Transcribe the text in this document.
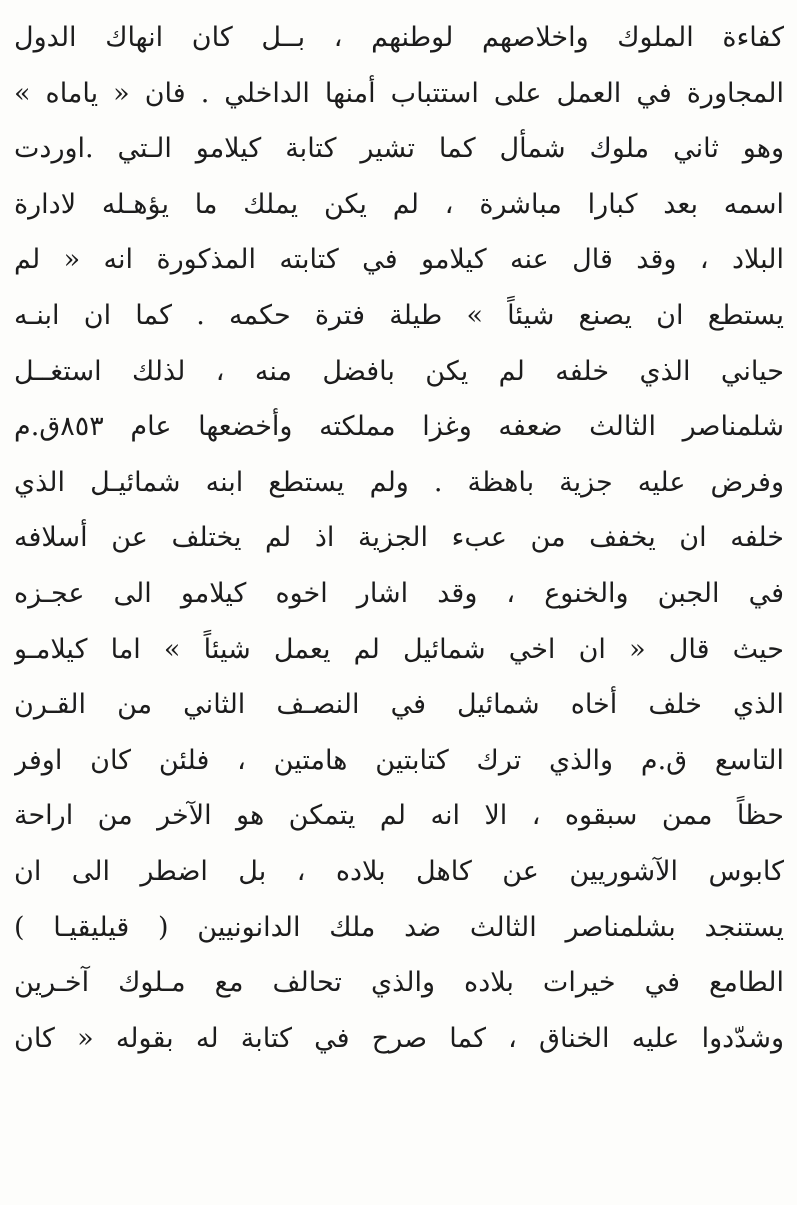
كفاءة الملوك واخلاصهم لوطنهم ، بــل كان انهاك الدول
المجاورة في العمل على استتباب أمنها الداخلي . فان « ياماه »
وهو ثاني ملوك شمأل كما تشير كتابة كيلامو الـتي .اوردت
اسمه بعد كبارا مباشرة ، لم يكن يملك ما يؤهـله لادارة
البلاد ، وقد قال عنه كيلامو في كتابته المذكورة انه « لم
يستطع ان يصنع شيئاً » طيلة فترة حكمه . كما ان ابنـه
حياني الذي خلفه لم يكن بافضل منه ، لذلك استغــل
شلمناصر الثالث ضعفه وغزا مملكته وأخضعها عام ٨٥٣ق.م
وفرض عليه جزية باهظة . ولم يستطع ابنه شمائيـل الذي
خلفه ان يخفف من عبء الجزية اذ لم يختلف عن أسلافه
في الجبن والخنوع ، وقد اشار اخوه كيلامو الى عجـزه
حيث قال « ان اخي شمائيل لم يعمل شيئاً » اما كيلامـو
الذي خلف أخاه شمائيل في النصـف الثاني من القـرن
التاسع ق.م والذي ترك كتابتين هامتين ، فلئن كان اوفر
حظاً ممن سبقوه ، الا انه لم يتمكن هو الآخر من اراحة
كابوس الآشوريين عن كاهل بلاده ، بل اضطر الى ان
يستنجد بشلمناصر الثالث ضد ملك الدانونيين ( قيليقيـا )
الطامع في خيرات بلاده والذي تحالف مع مـلوك آخـرين
وشدّدوا عليه الخناق ، كما صرح في كتابة له بقوله « كان
